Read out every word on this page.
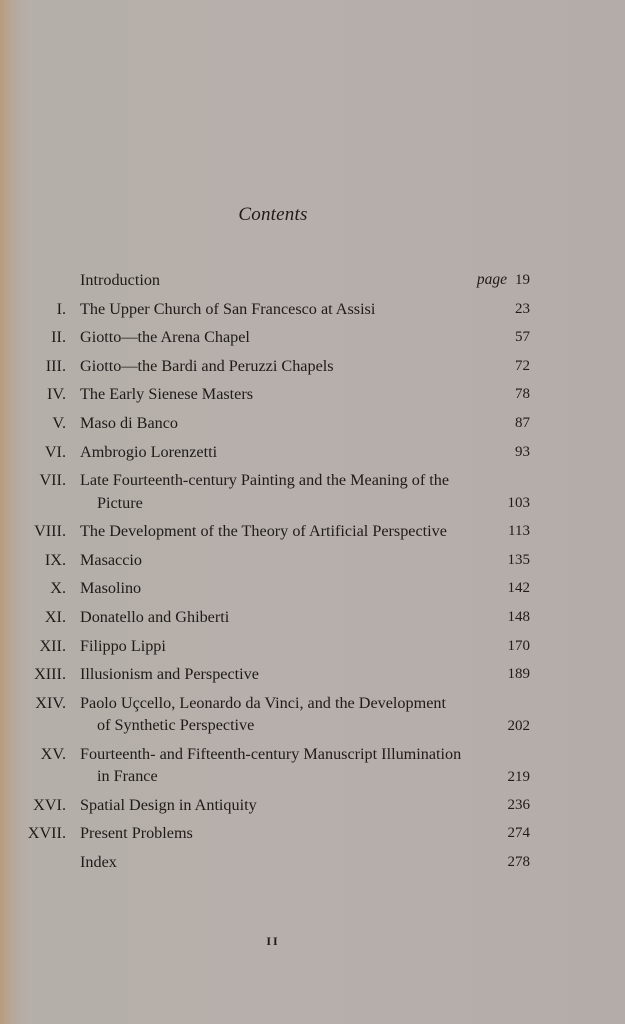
Contents
Introduction	page 19
I. The Upper Church of San Francesco at Assisi	23
II. Giotto—the Arena Chapel	57
III. Giotto—the Bardi and Peruzzi Chapels	72
IV. The Early Sienese Masters	78
V. Maso di Banco	87
VI. Ambrogio Lorenzetti	93
VII. Late Fourteenth-century Painting and the Meaning of the
Picture	103
VIII. The Development of the Theory of Artificial Perspective	113
IX. Masaccio	135
X. Masolino	142
XI. Donatello and Ghiberti	148
XII. Filippo Lippi	170
XIII. Illusionism and Perspective	189
XIV. Paolo Uçcello, Leonardo da Vinci, and the Development
of Synthetic Perspective	202
XV. Fourteenth- and Fifteenth-century Manuscript Illumination
in France	219
XVI. Spatial Design in Antiquity	236
XVII. Present Problems	274
Index	278
II
